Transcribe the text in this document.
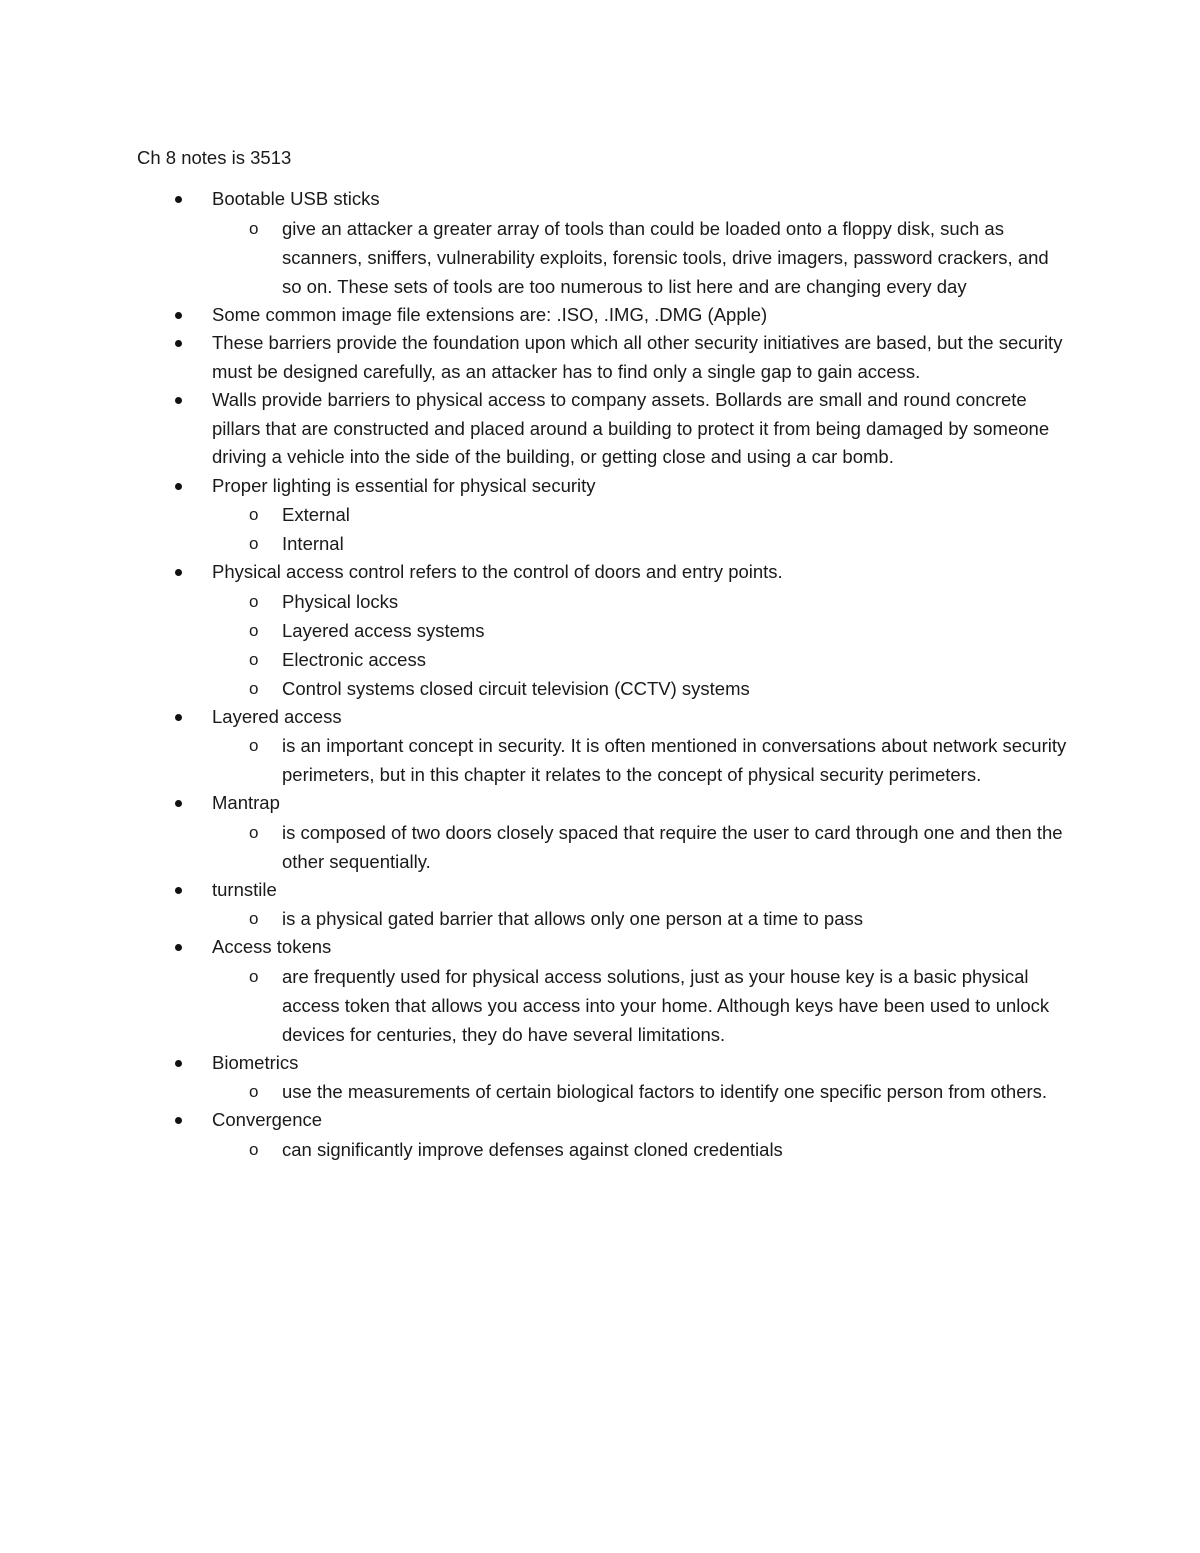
Ch 8 notes is 3513
Bootable USB sticks
o give an attacker a greater array of tools than could be loaded onto a floppy disk, such as scanners, sniffers, vulnerability exploits, forensic tools, drive imagers, password crackers, and so on. These sets of tools are too numerous to list here and are changing every day
Some common image file extensions are: .ISO, .IMG, .DMG (Apple)
These barriers provide the foundation upon which all other security initiatives are based, but the security must be designed carefully, as an attacker has to find only a single gap to gain access.
Walls provide barriers to physical access to company assets. Bollards are small and round concrete pillars that are constructed and placed around a building to protect it from being damaged by someone driving a vehicle into the side of the building, or getting close and using a car bomb.
Proper lighting is essential for physical security
o External
o Internal
Physical access control refers to the control of doors and entry points.
o Physical locks
o Layered access systems
o Electronic access
o Control systems closed circuit television (CCTV) systems
Layered access
o is an important concept in security. It is often mentioned in conversations about network security perimeters, but in this chapter it relates to the concept of physical security perimeters.
Mantrap
o is composed of two doors closely spaced that require the user to card through one and then the other sequentially.
turnstile
o is a physical gated barrier that allows only one person at a time to pass
Access tokens
o are frequently used for physical access solutions, just as your house key is a basic physical access token that allows you access into your home. Although keys have been used to unlock devices for centuries, they do have several limitations.
Biometrics
o use the measurements of certain biological factors to identify one specific person from others.
Convergence
o can significantly improve defenses against cloned credentials
